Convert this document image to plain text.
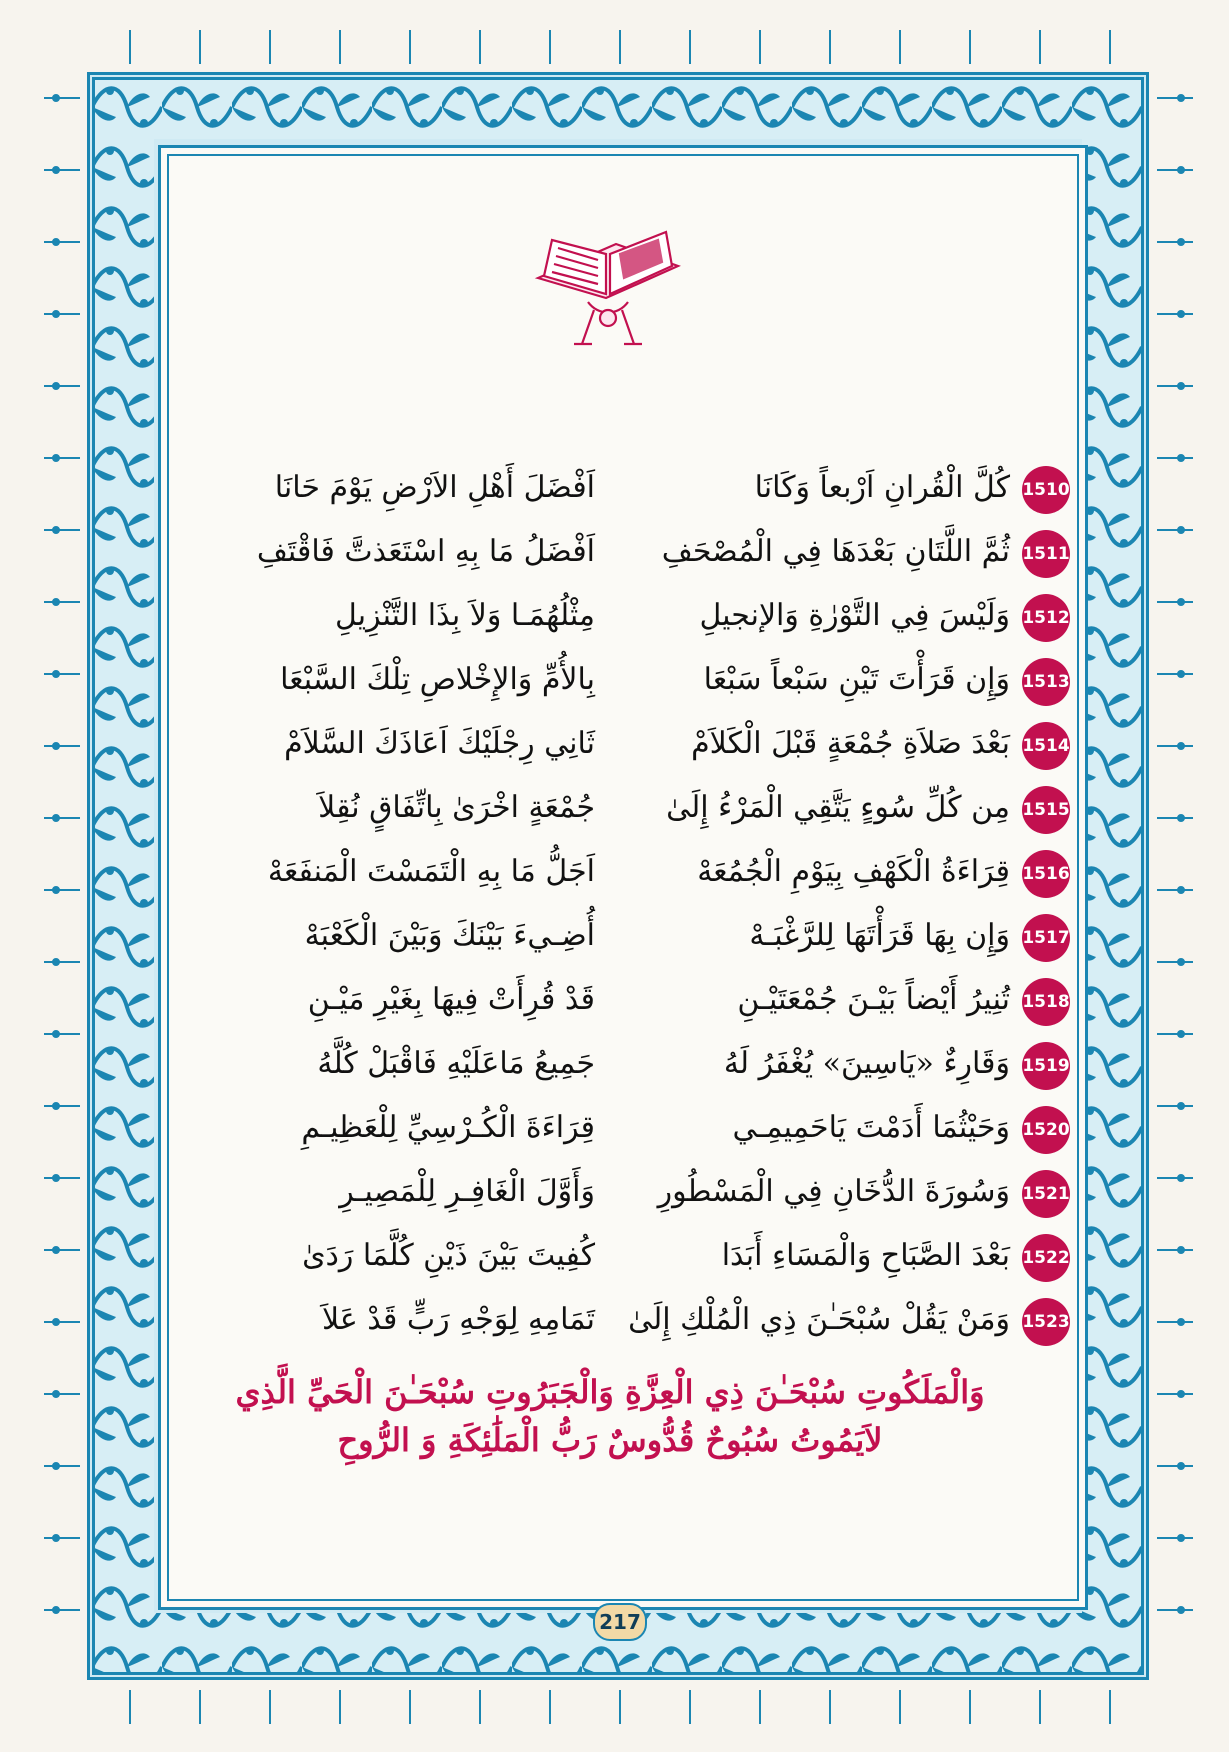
1510
كُلَّ الْقُرانِ اَرْبعاً وَكَانَا
اَفْضَلَ أَهْلِ الاَرْضِ يَوْمَ حَانَا
1511
ثُمَّ اللَّتَانِ بَعْدَهَا فِي الْمُصْحَفِ
اَفْضَلُ مَا بِهِ اسْتَعَذتَّ فَاقْتَفِ
1512
وَلَيْسَ فِي التَّوْرٰةِ وَالإنجيلِ
مِثْلُهُمَـا وَلاَ بِذَا التَّنْزِيلِ
1513
وَإِن قَرَأْتَ تَيْنِ سَبْعاً سَبْعَا
بِالأُمِّ وَالإِخْلاصِ تِلْكَ السَّبْعَا
1514
بَعْدَ صَلاَةِ جُمْعَةٍ قَبْلَ الْكَلاَمْ
ثَانِي رِجْلَيْكَ اَعَاذَكَ السَّلاَمْ
1515
مِن كُلِّ سُوءٍ يَتَّقِي الْمَرْءُ إِلَىٰ
جُمْعَةٍ اخْرَىٰ بِاتِّفَاقٍ نُقِلاَ
1516
قِرَاءَةُ الْكَهْفِ بِيَوْمِ الْجُمُعَهْ
اَجَلُّ مَا بِهِ الْتَمَسْتَ الْمَنفَعَهْ
1517
وَإِن بِهَا قَرَأْتَهَا لِلرَّغْبَـهْ
أُضِـيءَ بَيْنَكَ وَبَيْنَ الْكَعْبَهْ
1518
تُنِيرُ أَيْضاً بَيْـنَ جُمْعَتَيْـنِ
قَدْ قُرِأَتْ فِيهَا بِغَيْرِ مَيْـنِ
1519
وَقَارِءٌ «يَاسِينَ» يُغْفَرُ لَهُ
جَمِيعُ مَاعَلَيْهِ فَاقْبَلْ كُلَّهُ
1520
وَحَيْثُمَا أَدَمْتَ يَاحَمِيمِـي
قِرَاءَةَ الْكُـرْسِيِّ لِلْعَظِيـمِ
1521
وَسُورَةَ الدُّخَانِ فِي الْمَسْطُورِ
وَأَوَّلَ الْغَافِـرِ لِلْمَصِيـرِ
1522
بَعْدَ الصَّبَاحِ وَالْمَسَاءِ أَبَدَا
كُفِيتَ بَيْنَ ذَيْنِ كُلَّمَا رَدَىٰ
1523
وَمَنْ يَقُلْ سُبْحَـٰنَ ذِي الْمُلْكِ إِلَىٰ
تَمَامِهِ لِوَجْهِ رَبٍّ قَدْ عَلاَ
وَالْمَلَكُوتِ سُبْحَـٰنَ ذِي الْعِزَّةِ وَالْجَبَرُوتِ سُبْحَـٰنَ الْحَيِّ الَّذِي
لاَيَمُوتُ سُبُوحٌ قُدُّوسٌ رَبُّ الْمَلَٰئِكَةِ وَ الرُّوحِ
217
